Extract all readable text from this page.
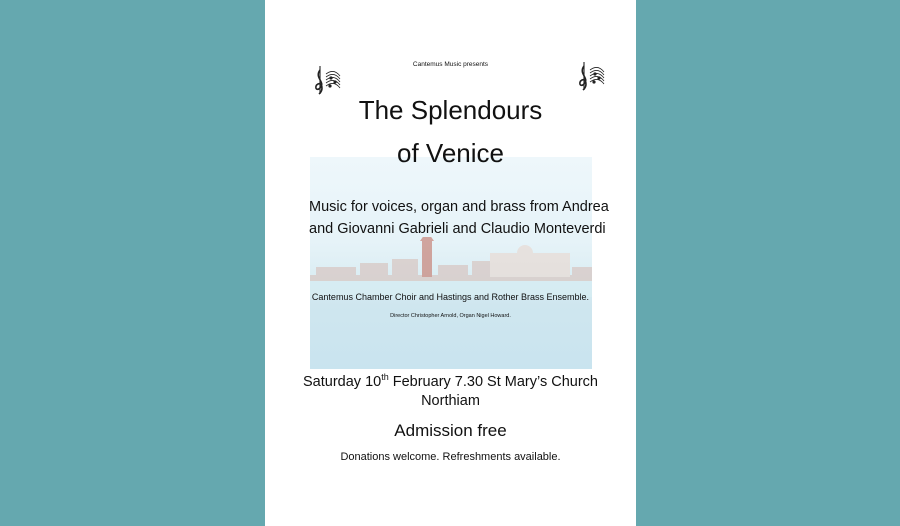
Cantemus Music presents
The Splendours
of Venice
Music for voices, organ and brass from Andrea
and Giovanni Gabrieli and Claudio Monteverdi
Cantemus Chamber Choir and Hastings and Rother Brass Ensemble.
Director Christopher Arnold, Organ Nigel Howard.
Saturday 10th February 7.30 St Mary’s Church
Northiam
Admission free
Donations welcome. Refreshments available.
